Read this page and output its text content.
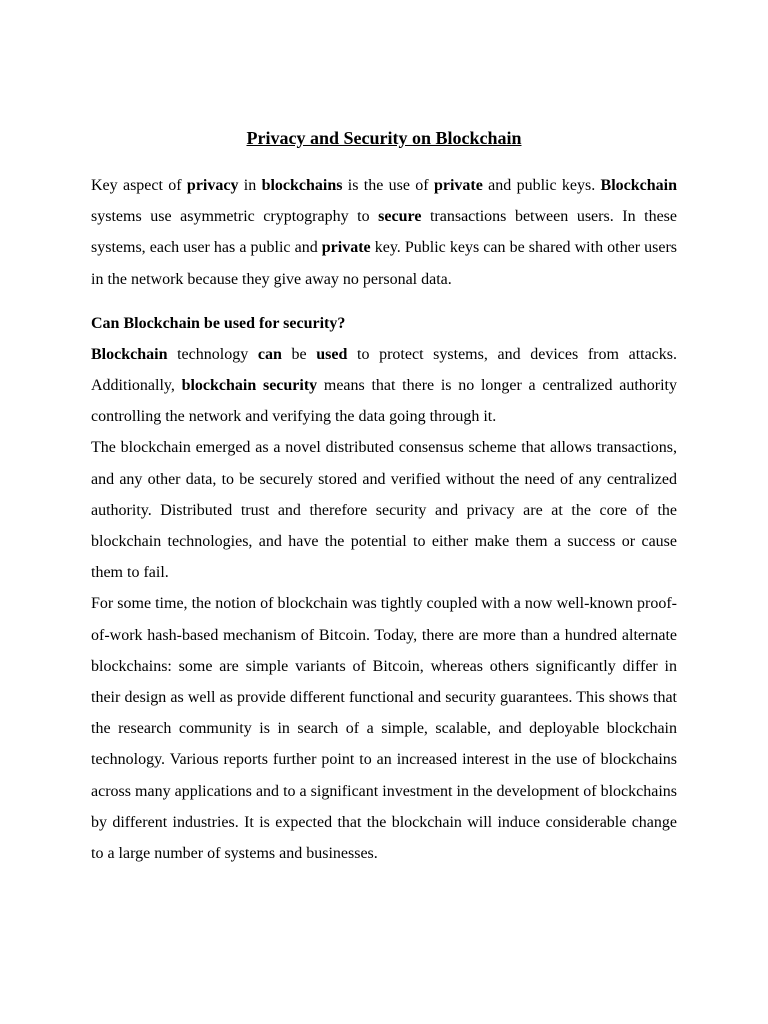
Privacy and Security on Blockchain

Key aspect of privacy in blockchains is the use of private and public keys. Blockchain systems use asymmetric cryptography to secure transactions between users. In these systems, each user has a public and private key. Public keys can be shared with other users in the network because they give away no personal data.

Can Blockchain be used for security?

Blockchain technology can be used to protect systems, and devices from attacks. Additionally, blockchain security means that there is no longer a centralized authority controlling the network and verifying the data going through it.

The blockchain emerged as a novel distributed consensus scheme that allows transactions, and any other data, to be securely stored and verified without the need of any centralized authority. Distributed trust and therefore security and privacy are at the core of the blockchain technologies, and have the potential to either make them a success or cause them to fail.

For some time, the notion of blockchain was tightly coupled with a now well-known proof-of-work hash-based mechanism of Bitcoin. Today, there are more than a hundred alternate blockchains: some are simple variants of Bitcoin, whereas others significantly differ in their design as well as provide different functional and security guarantees. This shows that the research community is in search of a simple, scalable, and deployable blockchain technology. Various reports further point to an increased interest in the use of blockchains across many applications and to a significant investment in the development of blockchains by different industries. It is expected that the blockchain will induce considerable change to a large number of systems and businesses.
